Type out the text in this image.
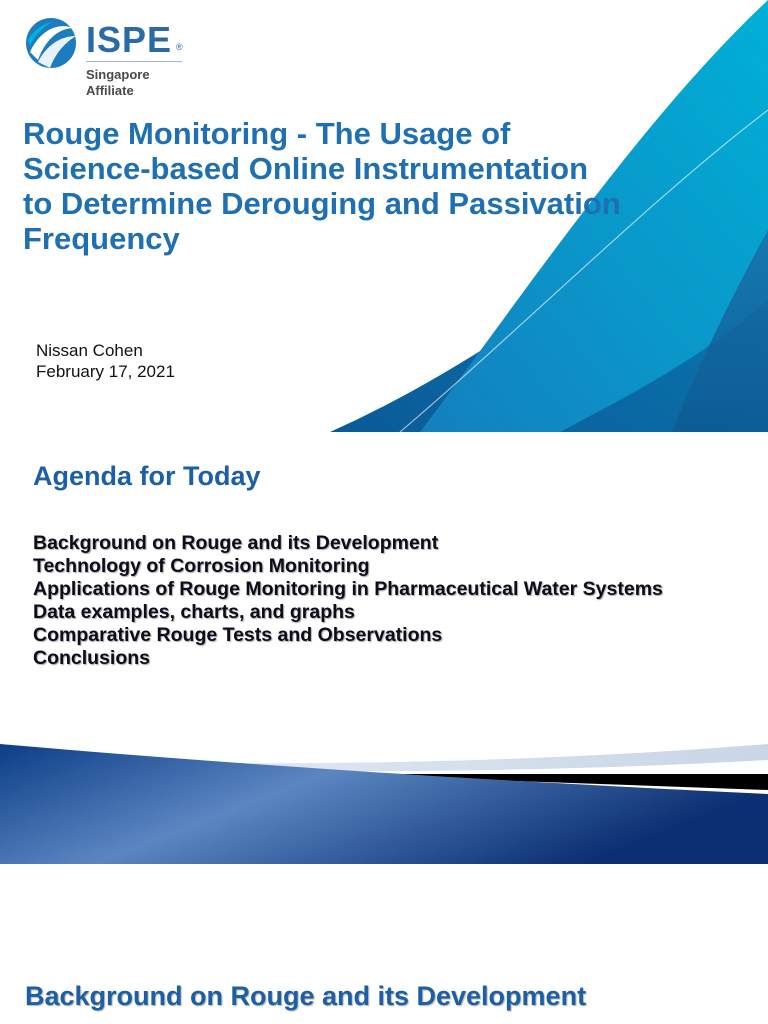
ISPE ®
Singapore
Affiliate
Rouge Monitoring - The Usage of Science-based Online Instrumentation to Determine Derouging and Passivation Frequency
Nissan Cohen
February 17, 2021
Agenda for Today
Background on Rouge and its Development
Technology of Corrosion Monitoring
Applications of Rouge Monitoring in Pharmaceutical Water Systems
Data examples, charts, and graphs
Comparative Rouge Tests and Observations
Conclusions
Background on Rouge and its Development
